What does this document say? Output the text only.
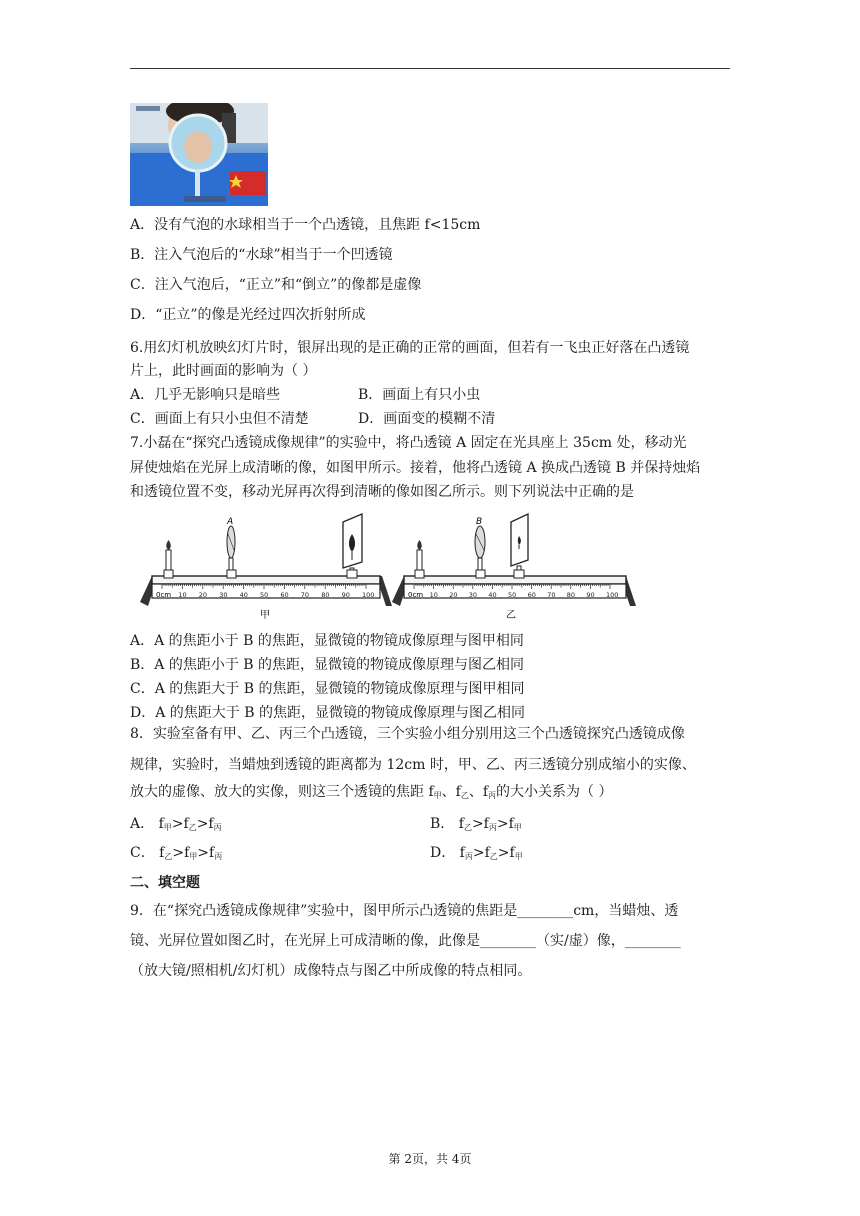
A．没有气泡的水球相当于一个凸透镜，且焦距 f<15cm
B．注入气泡后的“水球”相当于一个凹透镜
C．注入气泡后，“正立”和“倒立”的像都是虚像
D．“正立”的像是光经过四次折射所成
6.用幻灯机放映幻灯片时，银屏出现的是正确的正常的画面，但若有一飞虫正好落在凸透镜
片上，此时画面的影响为（ ）
A．几乎无影响只是暗些	B．画面上有只小虫
C．画面上有只小虫但不清楚	D．画面变的模糊不清
7.小磊在“探究凸透镜成像规律”的实验中，将凸透镜 A 固定在光具座上 35cm 处，移动光
屏使烛焰在光屏上成清晰的像，如图甲所示。接着，他将凸透镜 A 换成凸透镜 B 并保持烛焰
和透镜位置不变，移动光屏再次得到清晰的像如图乙所示。则下列说法中正确的是
0cm
A
甲
0cm
B
乙
10 20 30 40 50 60 70 80 90 100	10 20 30 40 50 60 70 80 90 100
A．A 的焦距小于 B 的焦距，显微镜的物镜成像原理与图甲相同
B．A 的焦距小于 B 的焦距，显微镜的物镜成像原理与图乙相同
C．A 的焦距大于 B 的焦距，显微镜的物镜成像原理与图甲相同
D．A 的焦距大于 B 的焦距，显微镜的物镜成像原理与图乙相同
8．实验室备有甲、乙、丙三个凸透镜，三个实验小组分别用这三个凸透镜探究凸透镜成像
规律，实验时，当蜡烛到透镜的距离都为 12cm 时，甲、乙、丙三透镜分别成缩小的实像、
放大的虚像、放大的实像，则这三个透镜的焦距 $f_甲$、$f_乙$、$f_丙$的大小关系为（ ）
A． $f_甲>f_乙>f_丙$	B． $f_乙>f_丙>f_甲$
C． $f_乙>f_甲>f_丙$	D． $f_丙>f_乙>f_甲$
二、填空题
9．在“探究凸透镜成像规律”实验中，图甲所示凸透镜的焦距是________cm，当蜡烛、透
镜、光屏位置如图乙时，在光屏上可成清晰的像，此像是________（实/虚）像，________
（放大镜/照相机/幻灯机）成像特点与图乙中所成像的特点相同。
第 2页，共 4页
